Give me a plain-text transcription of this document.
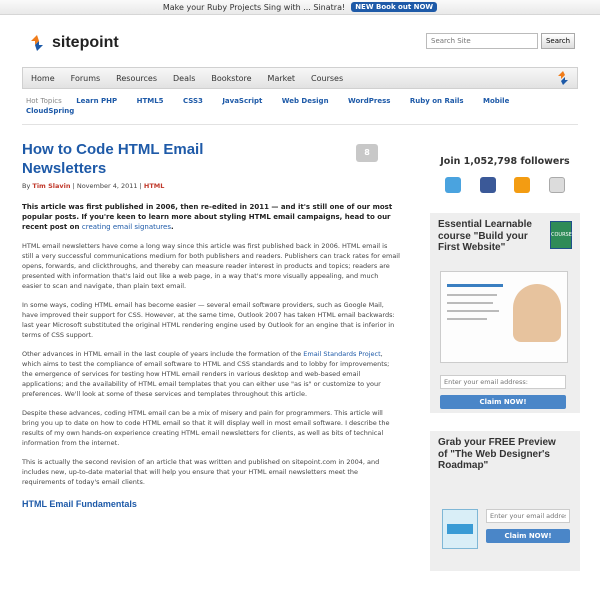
Make your Ruby Projects Sing with ... Sinatra!	NEW Book out NOW
sitepoint
Search Site	Search
Home	Forums	Resources	Deals	Bookstore	Market	Courses
Hot Topics Learn PHP	HTML5	CSS3	JavaScript	Web Design	WordPress	Ruby on Rails	Mobile CloudSpring
How to Code HTML Email Newsletters
8
By Tim Slavin | November 4, 2011 | HTML
This article was first published in 2006, then re-edited in 2011 — and it's still one of our most popular posts. If you're keen to learn more about styling HTML email campaigns, head to our recent post on creating email signatures.

HTML email newsletters have come a long way since this article was first published back in 2006. HTML email is still a very successful communications medium for both publishers and readers. Publishers can track rates for email opens, forwards, and clickthroughs, and thereby can measure reader interest in products and topics; readers are presented with information that's laid out like a web page, in a way that's more visually appealing, and much easier to scan and navigate, than plain text email.

In some ways, coding HTML email has become easier — several email software providers, such as Google Mail, have improved their support for CSS. However, at the same time, Outlook 2007 has taken HTML email backwards: last year Microsoft substituted the original HTML rendering engine used by Outlook for an engine that is inferior in terms of CSS support.

Other advances in HTML email in the last couple of years include the formation of the Email Standards Project, which aims to test the compliance of email software to HTML and CSS standards and to lobby for improvements; the emergence of services for testing how HTML email renders in various desktop and web-based email applications; and the availability of HTML email templates that you can either use "as is" or customize to your preferences. We'll look at some of these services and templates throughout this article.

Despite these advances, coding HTML email can be a mix of misery and pain for programmers. This article will bring you up to date on how to code HTML email so that it will display well in most email software. I describe the results of my own hands-on experience creating HTML email newsletters for clients, as well as bits of technical information from the internet.

This is actually the second revision of an article that was written and published on sitepoint.com in 2004, and includes new, up-to-date material that will help you ensure that your HTML email newsletters meet the requirements of today's email clients.

HTML Email Fundamentals
Join 1,052,798 followers
Essential Learnable course "Build your First Website"
COURSE
Enter your email address: Claim NOW!
Grab your FREE Preview of "The Web Designer's Roadmap"
Enter your email address: Claim NOW!
